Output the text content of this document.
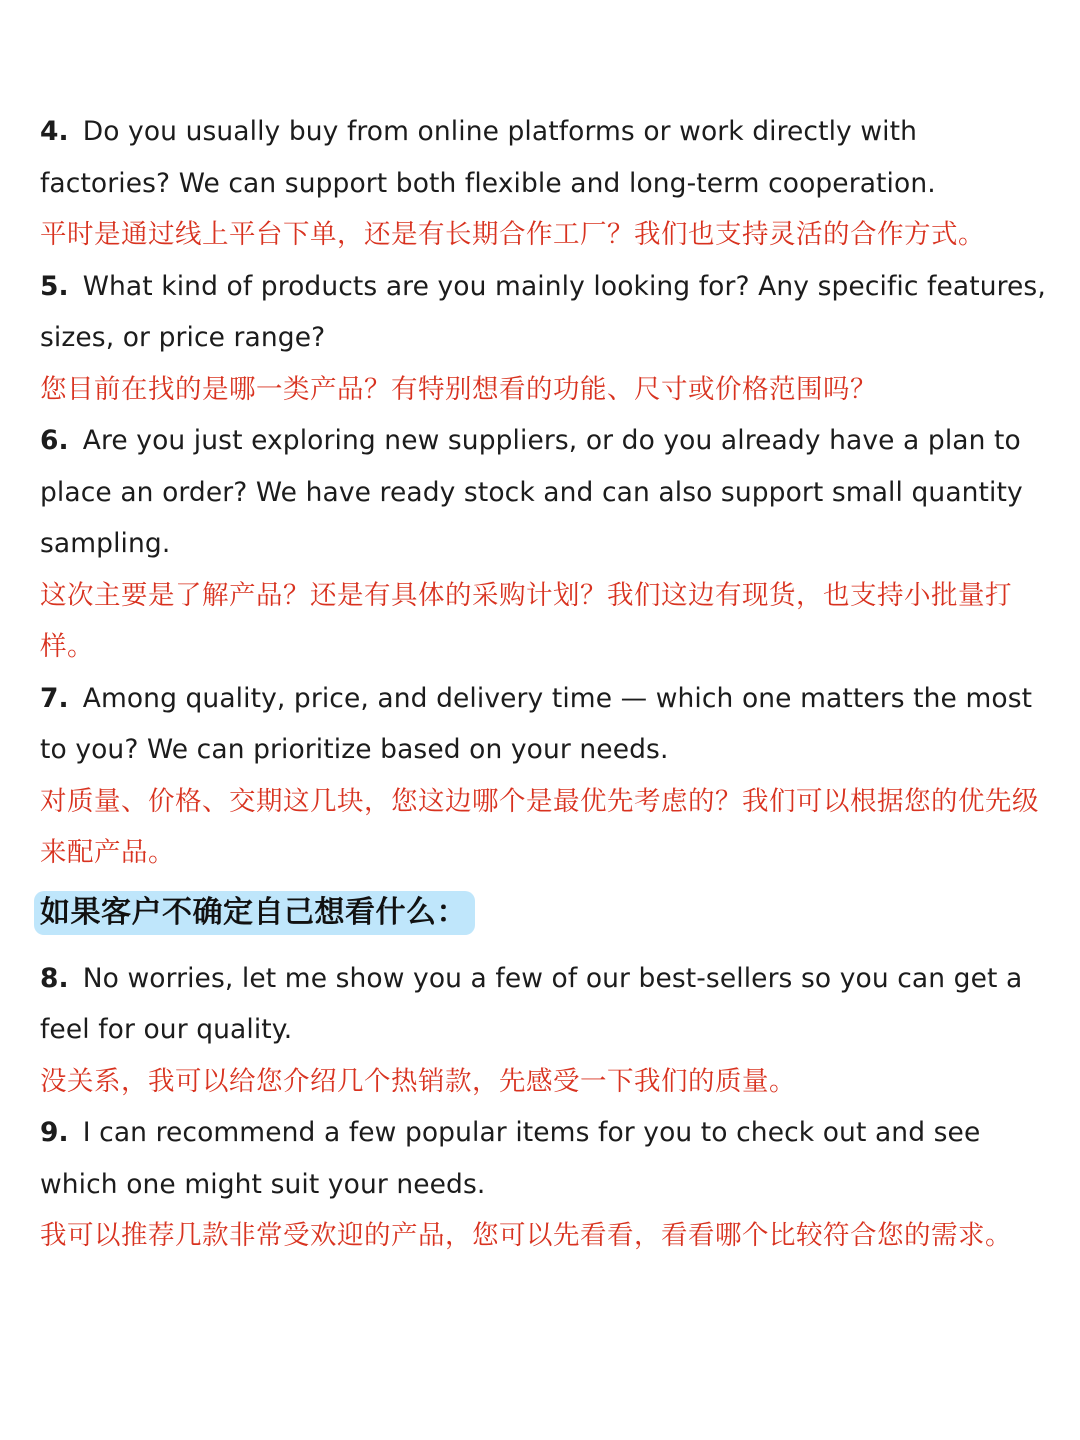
4. Do you usually buy from online platforms or work directly with factories? We can support both flexible and long-term cooperation.

平时是通过线上平台下单，还是有长期合作工厂？我们也支持灵活的合作方式。

5. What kind of products are you mainly looking for? Any specific features, sizes, or price range?

您目前在找的是哪一类产品？有特别想看的功能、尺寸或价格范围吗？

6. Are you just exploring new suppliers, or do you already have a plan to place an order? We have ready stock and can also support small quantity sampling.

这次主要是了解产品？还是有具体的采购计划？我们这边有现货，也支持小批量打样。

7. Among quality, price, and delivery time — which one matters the most to you? We can prioritize based on your needs.

对质量、价格、交期这几块，您这边哪个是最优先考虑的？我们可以根据您的优先级来配产品。

如果客户不确定自己想看什么：

8. No worries, let me show you a few of our best-sellers so you can get a feel for our quality.

没关系，我可以给您介绍几个热销款，先感受一下我们的质量。

9. I can recommend a few popular items for you to check out and see which one might suit your needs.

我可以推荐几款非常受欢迎的产品，您可以先看看，看看哪个比较符合您的需求。
